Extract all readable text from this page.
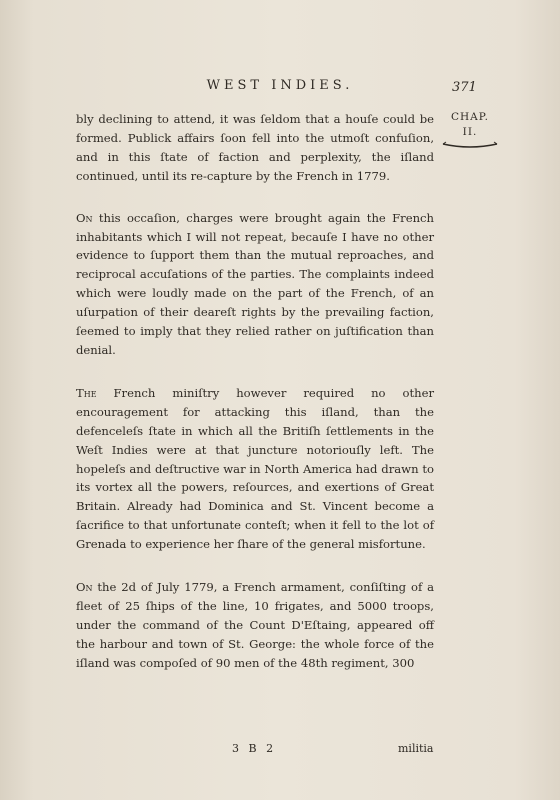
WEST INDIES.	371
CHAP.
II.

bly declining to attend, it was ſeldom that a houſe could be formed. Publick affairs ſoon fell into the utmoſt confuſion, and in this ſtate of faction and perplexity, the iſland continued, until its re-capture by the French in 1779.

On this occaſion, charges were brought again the French inhabitants which I will not repeat, becauſe I have no other evidence to ſupport them than the mutual reproaches, and reciprocal accuſations of the parties. The complaints indeed which were loudly made on the part of the French, of an uſurpation of their deareſt rights by the prevailing faction, ſeemed to imply that they relied rather on juſtification than denial.

The French miniſtry however required no other encouragement for attacking this iſland, than the defenceleſs ſtate in which all the Britiſh ſettlements in the Weſt Indies were at that juncture notoriouſly left. The hopeleſs and deſtructive war in North America had drawn to its vortex all the powers, reſources, and exertions of Great Britain. Already had Dominica and St. Vincent become a ſacrifice to that unfortunate conteſt; when it fell to the lot of Grenada to experience her ſhare of the general misfortune.

On the 2d of July 1779, a French armament, conſiſting of a fleet of 25 ſhips of the line, 10 frigates, and 5000 troops, under the command of the Count D'Eſtaing, appeared off the harbour and town of St. George: the whole force of the iſland was compoſed of 90 men of the 48th regiment, 300

3 B 2	militia
